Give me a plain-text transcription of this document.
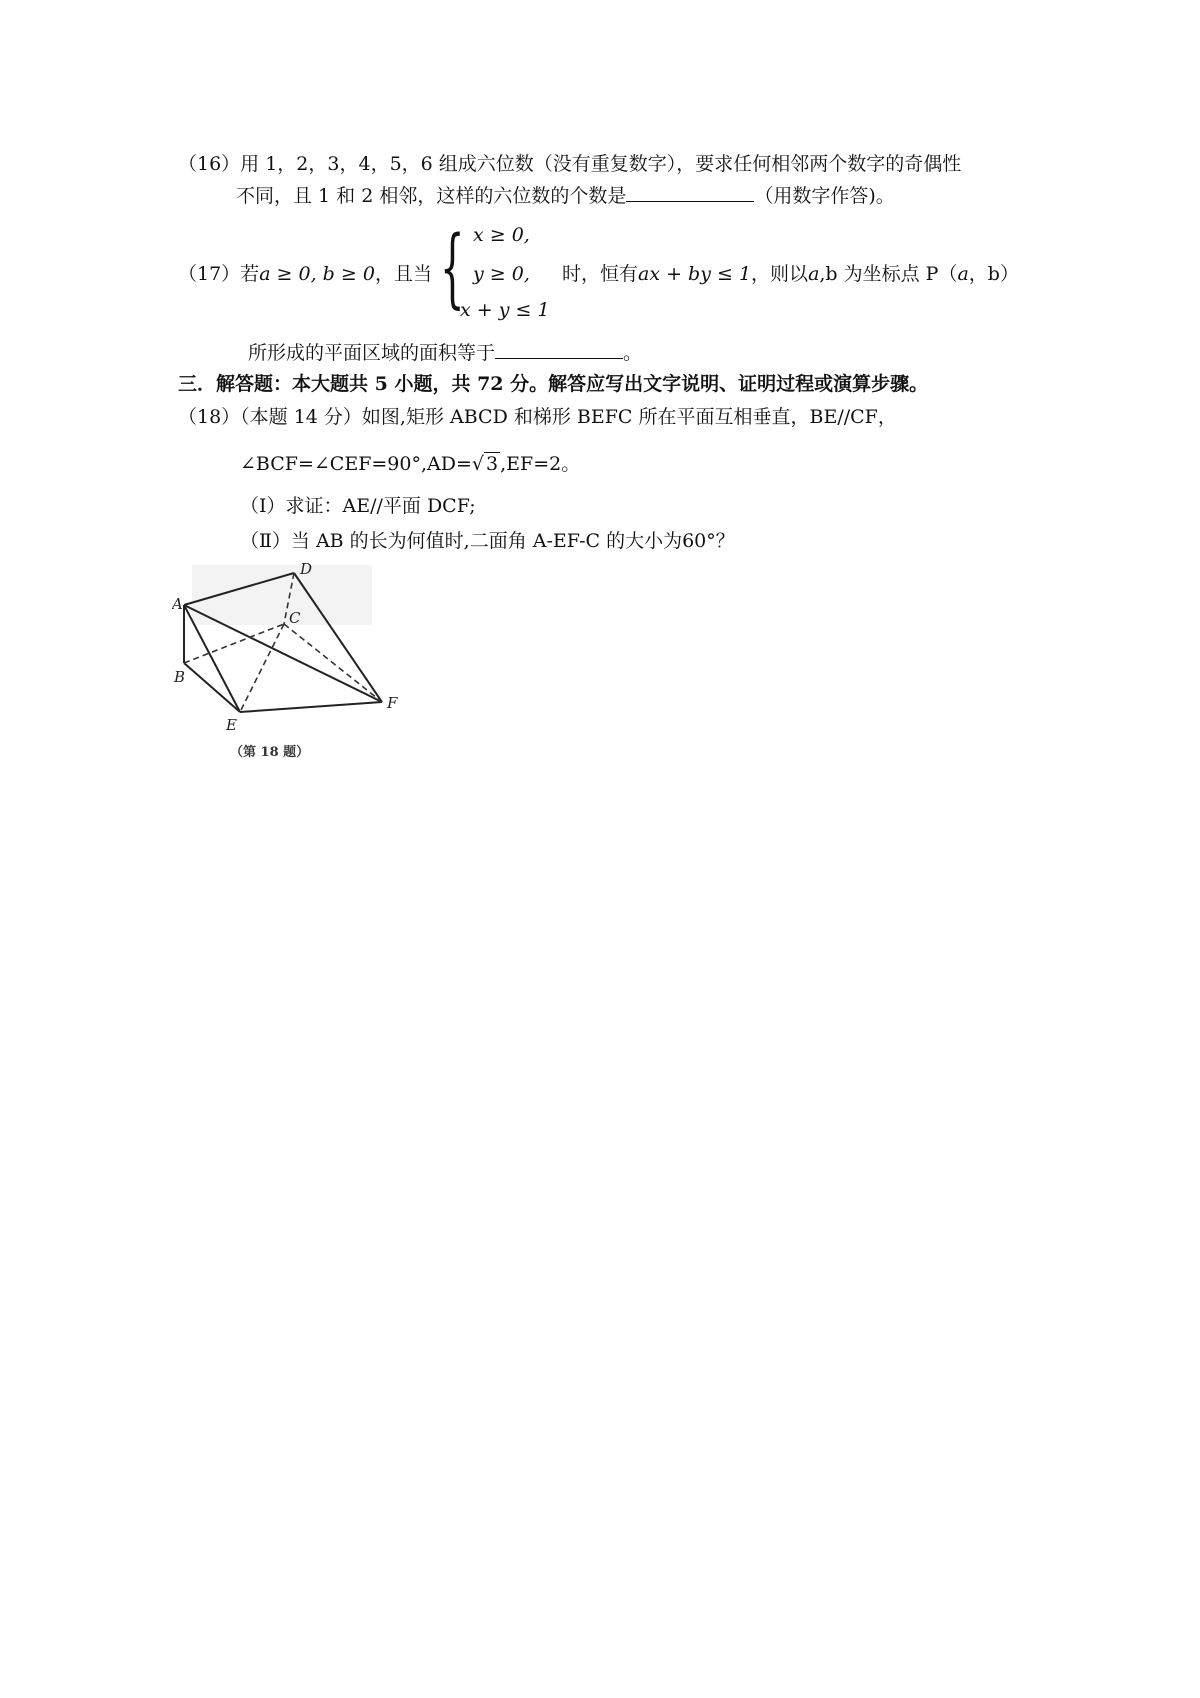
（16）用 1，2，3，4，5，6 组成六位数（没有重复数字），要求任何相邻两个数字的奇偶性
不同，且 1 和 2 相邻，这样的六位数的个数是	（用数字作答)。
（17）若a ≥ 0, b ≥ 0，且当 { x ≥ 0,
y ≥ 0,
x + y ≤ 1
时，恒有ax + by ≤ 1，则以a,b 为坐标点 P（a，b）
所形成的平面区域的面积等于	。
三．解答题：本大题共 5 小题，共 72 分。解答应写出文字说明、证明过程或演算步骤。
（18）（本题 14 分）如图,矩形 ABCD 和梯形 BEFC 所在平面互相垂直，BE//CF，
∠BCF=∠CEF=90°,AD=√ 3 ,EF=2。
（Ⅰ）求证：AE//平面 DCF;
（Ⅱ）当 AB 的长为何值时,二面角 A-EF-C 的大小为60°？
A
D
C
B
E
F
（第 18 题）
